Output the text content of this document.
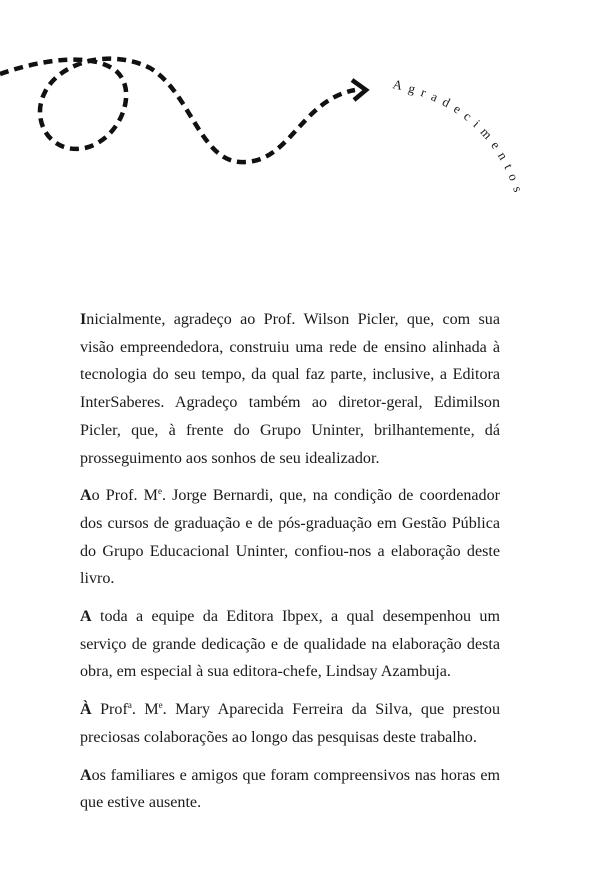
Agradecimentos

Inicialmente, agradeço ao Prof. Wilson Picler, que, com sua visão empreendedora, construiu uma rede de ensino alinhada à tecnologia do seu tempo, da qual faz parte, inclusive, a Editora InterSaberes. Agradeço também ao diretor-geral, Edimilson Picler, que, à frente do Grupo Uninter, brilhantemente, dá prosseguimento aos sonhos de seu idealizador.

Ao Prof. Me. Jorge Bernardi, que, na condição de coordenador dos cursos de graduação e de pós-graduação em Gestão Pública do Grupo Educacional Uninter, confiou-nos a elaboração deste livro.

A toda a equipe da Editora Ibpex, a qual desempenhou um serviço de grande dedicação e de qualidade na elaboração desta obra, em especial à sua editora-chefe, Lindsay Azambuja.

À Prof$^a$. Me. Mary Aparecida Ferreira da Silva, que prestou preciosas colaborações ao longo das pesquisas deste trabalho.

Aos familiares e amigos que foram compreensivos nas horas em que estive ausente.
